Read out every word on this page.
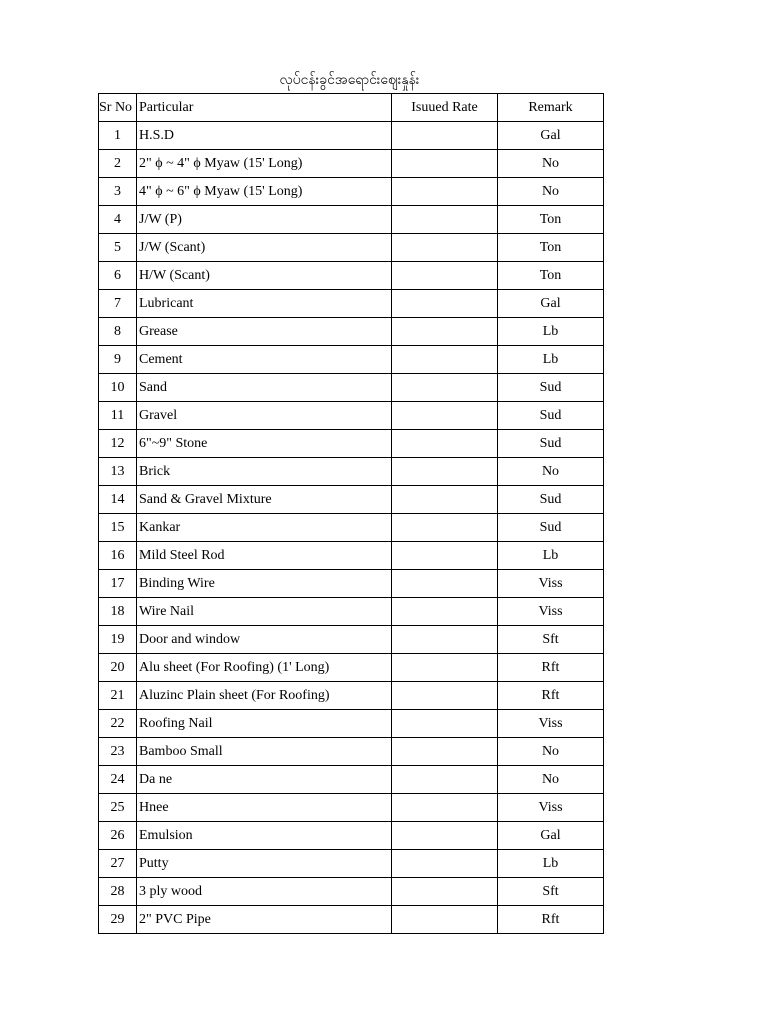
လုပ်ငန်းခွင်အရောင်းဈေးနှုန်း
Sr No	Particular	Isuued Rate	Remark
1	H.S.D		Gal
2	2" ϕ ~ 4" ϕ Myaw (15' Long)		No
3	4" ϕ ~ 6" ϕ Myaw (15' Long)		No
4	J/W (P)		Ton
5	J/W (Scant)		Ton
6	H/W (Scant)		Ton
7	Lubricant		Gal
8	Grease		Lb
9	Cement		Lb
10	Sand		Sud
11	Gravel		Sud
12	6"~9" Stone		Sud
13	Brick		No
14	Sand & Gravel Mixture		Sud
15	Kankar		Sud
16	Mild Steel Rod		Lb
17	Binding Wire		Viss
18	Wire Nail		Viss
19	Door and window		Sft
20	Alu sheet (For Roofing) (1' Long)		Rft
21	Aluzinc Plain sheet (For Roofing)		Rft
22	Roofing Nail		Viss
23	Bamboo Small		No
24	Da ne		No
25	Hnee		Viss
26	Emulsion		Gal
27	Putty		Lb
28	3 ply wood		Sft
29	2" PVC Pipe		Rft
